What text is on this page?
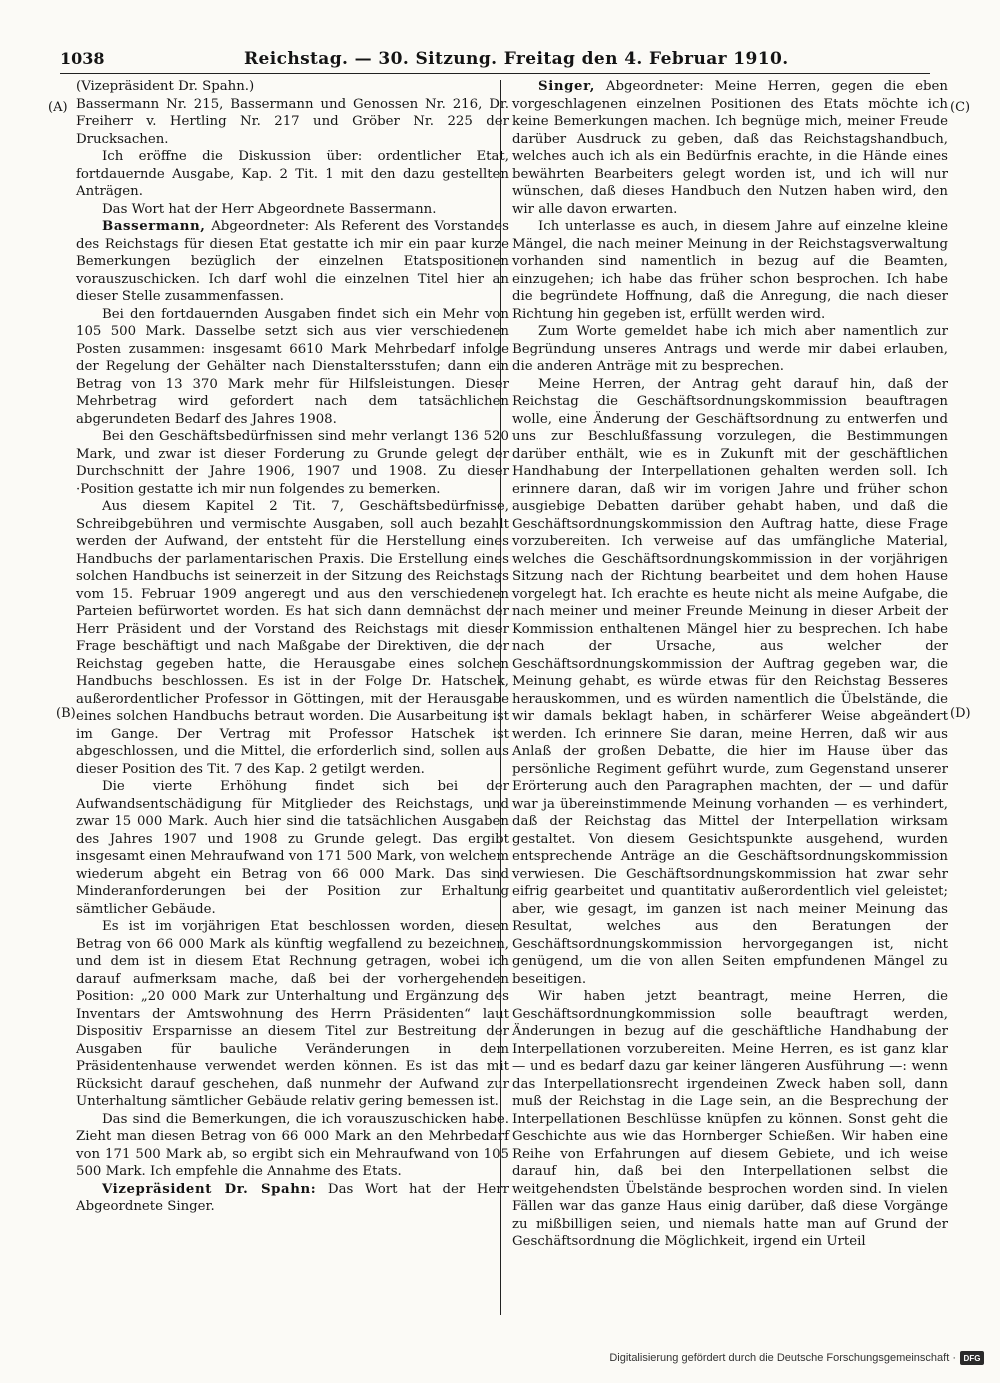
1038	Reichstag. — 30. Sitzung. Freitag den 4. Februar 1910.
(A)
(B)
(C)
(D)

(Vizepräsident Dr. Spahn.)

Bassermann Nr. 215, Bassermann und Genossen Nr. 216, Dr. Freiherr v. Hertling Nr. 217 und Gröber Nr. 225 der Drucksachen.

Ich eröffne die Diskussion über: ordentlicher Etat, fortdauernde Ausgabe, Kap. 2 Tit. 1 mit den dazu gestellten Anträgen.

Das Wort hat der Herr Abgeordnete Bassermann.

Bassermann, Abgeordneter: Als Referent des Vorstandes des Reichstags für diesen Etat gestatte ich mir ein paar kurze Bemerkungen bezüglich der einzelnen Etatspositionen vorauszuschicken. Ich darf wohl die einzelnen Titel hier an dieser Stelle zusammenfassen.

Bei den fortdauernden Ausgaben findet sich ein Mehr von 105 500 Mark. Dasselbe setzt sich aus vier verschiedenen Posten zusammen: insgesamt 6610 Mark Mehrbedarf infolge der Regelung der Gehälter nach Dienstaltersstufen; dann ein Betrag von 13 370 Mark mehr für Hilfsleistungen. Dieser Mehrbetrag wird gefordert nach dem tatsächlichen abgerundeten Bedarf des Jahres 1908.

Bei den Geschäftsbedürfnissen sind mehr verlangt 136 520 Mark, und zwar ist dieser Forderung zu Grunde gelegt der Durchschnitt der Jahre 1906, 1907 und 1908. Zu dieser ·Position gestatte ich mir nun folgendes zu bemerken.

Aus diesem Kapitel 2 Tit. 7, Geschäftsbedürfnisse, Schreibgebühren und vermischte Ausgaben, soll auch bezahlt werden der Aufwand, der entsteht für die Herstellung eines Handbuchs der parlamentarischen Praxis. Die Erstellung eines solchen Handbuchs ist seinerzeit in der Sitzung des Reichstags vom 15. Februar 1909 angeregt und aus den verschiedenen Parteien befürwortet worden. Es hat sich dann demnächst der Herr Präsident und der Vorstand des Reichstags mit dieser Frage beschäftigt und nach Maßgabe der Direktiven, die der Reichstag gegeben hatte, die Herausgabe eines solchen Handbuchs beschlossen. Es ist in der Folge Dr. Hatschek, außerordentlicher Professor in Göttingen, mit der Herausgabe eines solchen Handbuchs betraut worden. Die Ausarbeitung ist im Gange. Der Vertrag mit Professor Hatschek ist abgeschlossen, und die Mittel, die erforderlich sind, sollen aus dieser Position des Tit. 7 des Kap. 2 getilgt werden.

Die vierte Erhöhung findet sich bei der Aufwandsentschädigung für Mitglieder des Reichstags, und zwar 15 000 Mark. Auch hier sind die tatsächlichen Ausgaben des Jahres 1907 und 1908 zu Grunde gelegt. Das ergibt insgesamt einen Mehraufwand von 171 500 Mark, von welchem wiederum abgeht ein Betrag von 66 000 Mark. Das sind Minderanforderungen bei der Position zur Erhaltung sämtlicher Gebäude.

Es ist im vorjährigen Etat beschlossen worden, diesen Betrag von 66 000 Mark als künftig wegfallend zu bezeichnen, und dem ist in diesem Etat Rechnung getragen, wobei ich darauf aufmerksam mache, daß bei der vorhergehenden Position: „20 000 Mark zur Unterhaltung und Ergänzung des Inventars der Amtswohnung des Herrn Präsidenten“ laut Dispositiv Ersparnisse an diesem Titel zur Bestreitung der Ausgaben für bauliche Veränderungen in dem Präsidentenhause verwendet werden können. Es ist das mit Rücksicht darauf geschehen, daß nunmehr der Aufwand zur Unterhaltung sämtlicher Gebäude relativ gering bemessen ist.

Das sind die Bemerkungen, die ich vorauszuschicken habe. Zieht man diesen Betrag von 66 000 Mark an den Mehrbedarf von 171 500 Mark ab, so ergibt sich ein Mehraufwand von 105 500 Mark. Ich empfehle die Annahme des Etats.

Vizepräsident Dr. Spahn: Das Wort hat der Herr Abgeordnete Singer.

Singer, Abgeordneter: Meine Herren, gegen die eben vorgeschlagenen einzelnen Positionen des Etats möchte ich keine Bemerkungen machen. Ich begnüge mich, meiner Freude darüber Ausdruck zu geben, daß das Reichstagshandbuch, welches auch ich als ein Bedürfnis erachte, in die Hände eines bewährten Bearbeiters gelegt worden ist, und ich will nur wünschen, daß dieses Handbuch den Nutzen haben wird, den wir alle davon erwarten.

Ich unterlasse es auch, in diesem Jahre auf einzelne kleine Mängel, die nach meiner Meinung in der Reichstagsverwaltung vorhanden sind namentlich in bezug auf die Beamten, einzugehen; ich habe das früher schon besprochen. Ich habe die begründete Hoffnung, daß die Anregung, die nach dieser Richtung hin gegeben ist, erfüllt werden wird.

Zum Worte gemeldet habe ich mich aber namentlich zur Begründung unseres Antrags und werde mir dabei erlauben, die anderen Anträge mit zu besprechen.

Meine Herren, der Antrag geht darauf hin, daß der Reichstag die Geschäftsordnungskommission beauftragen wolle, eine Änderung der Geschäftsordnung zu entwerfen und uns zur Beschlußfassung vorzulegen, die Bestimmungen darüber enthält, wie es in Zukunft mit der geschäftlichen Handhabung der Interpellationen gehalten werden soll. Ich erinnere daran, daß wir im vorigen Jahre und früher schon ausgiebige Debatten darüber gehabt haben, und daß die Geschäftsordnungskommission den Auftrag hatte, diese Frage vorzubereiten. Ich verweise auf das umfängliche Material, welches die Geschäftsordnungskommission in der vorjährigen Sitzung nach der Richtung bearbeitet und dem hohen Hause vorgelegt hat. Ich erachte es heute nicht als meine Aufgabe, die nach meiner und meiner Freunde Meinung in dieser Arbeit der Kommission enthaltenen Mängel hier zu besprechen. Ich habe nach der Ursache, aus welcher der Geschäftsordnungskommission der Auftrag gegeben war, die Meinung gehabt, es würde etwas für den Reichstag Besseres herauskommen, und es würden namentlich die Übelstände, die wir damals beklagt haben, in schärferer Weise abgeändert werden. Ich erinnere Sie daran, meine Herren, daß wir aus Anlaß der großen Debatte, die hier im Hause über das persönliche Regiment geführt wurde, zum Gegenstand unserer Erörterung auch den Paragraphen machten, der — und dafür war ja übereinstimmende Meinung vorhanden — es verhindert, daß der Reichstag das Mittel der Interpellation wirksam gestaltet. Von diesem Gesichtspunkte ausgehend, wurden entsprechende Anträge an die Geschäftsordnungskommission verwiesen. Die Geschäftsordnungskommission hat zwar sehr eifrig gearbeitet und quantitativ außerordentlich viel geleistet; aber, wie gesagt, im ganzen ist nach meiner Meinung das Resultat, welches aus den Beratungen der Geschäftsordnungskommission hervorgegangen ist, nicht genügend, um die von allen Seiten empfundenen Mängel zu beseitigen.

Wir haben jetzt beantragt, meine Herren, die Geschäftsordnungkommission solle beauftragt werden, Änderungen in bezug auf die geschäftliche Handhabung der Interpellationen vorzubereiten. Meine Herren, es ist ganz klar — und es bedarf dazu gar keiner längeren Ausführung —: wenn das Interpellationsrecht irgendeinen Zweck haben soll, dann muß der Reichstag in die Lage sein, an die Besprechung der Interpellationen Beschlüsse knüpfen zu können. Sonst geht die Geschichte aus wie das Hornberger Schießen. Wir haben eine Reihe von Erfahrungen auf diesem Gebiete, und ich weise darauf hin, daß bei den Interpellationen selbst die weitgehendsten Übelstände besprochen worden sind. In vielen Fällen war das ganze Haus einig darüber, daß diese Vorgänge zu mißbilligen seien, und niemals hatte man auf Grund der Geschäftsordnung die Möglichkeit, irgend ein Urteil

Digitalisierung gefördert durch die Deutsche Forschungsgemeinschaft · DFG
